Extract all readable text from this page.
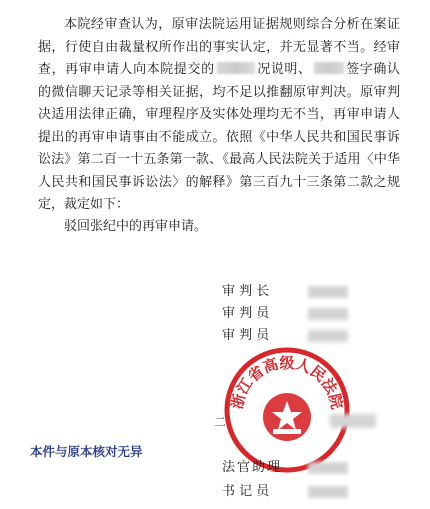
本院经审查认为，原审法院运用证据规则综合分析在案证据，行使自由裁量权所作出的事实认定，并无显著不当。经审查，再审申请人向本院提交的	况说明、	签字确认的微信聊天记录等相关证据，均不足以推翻原审判决。原审判决适用法律正确，审理程序及实体处理均无不当，再审申请人提出的再审申请事由不能成立。依照《中华人民共和国民事诉讼法》第二百一十五条第一款、《最高人民法院关于适用〈中华人民共和国民事诉讼法〉的解释》第三百九十三条第二款之规定，裁定如下：

驳回张纪中的再审申请。

审 判 长
审 判 员
审 判 员
浙江省高级人民法院
二
本件与原本核对无异
法官助理
书 记 员
